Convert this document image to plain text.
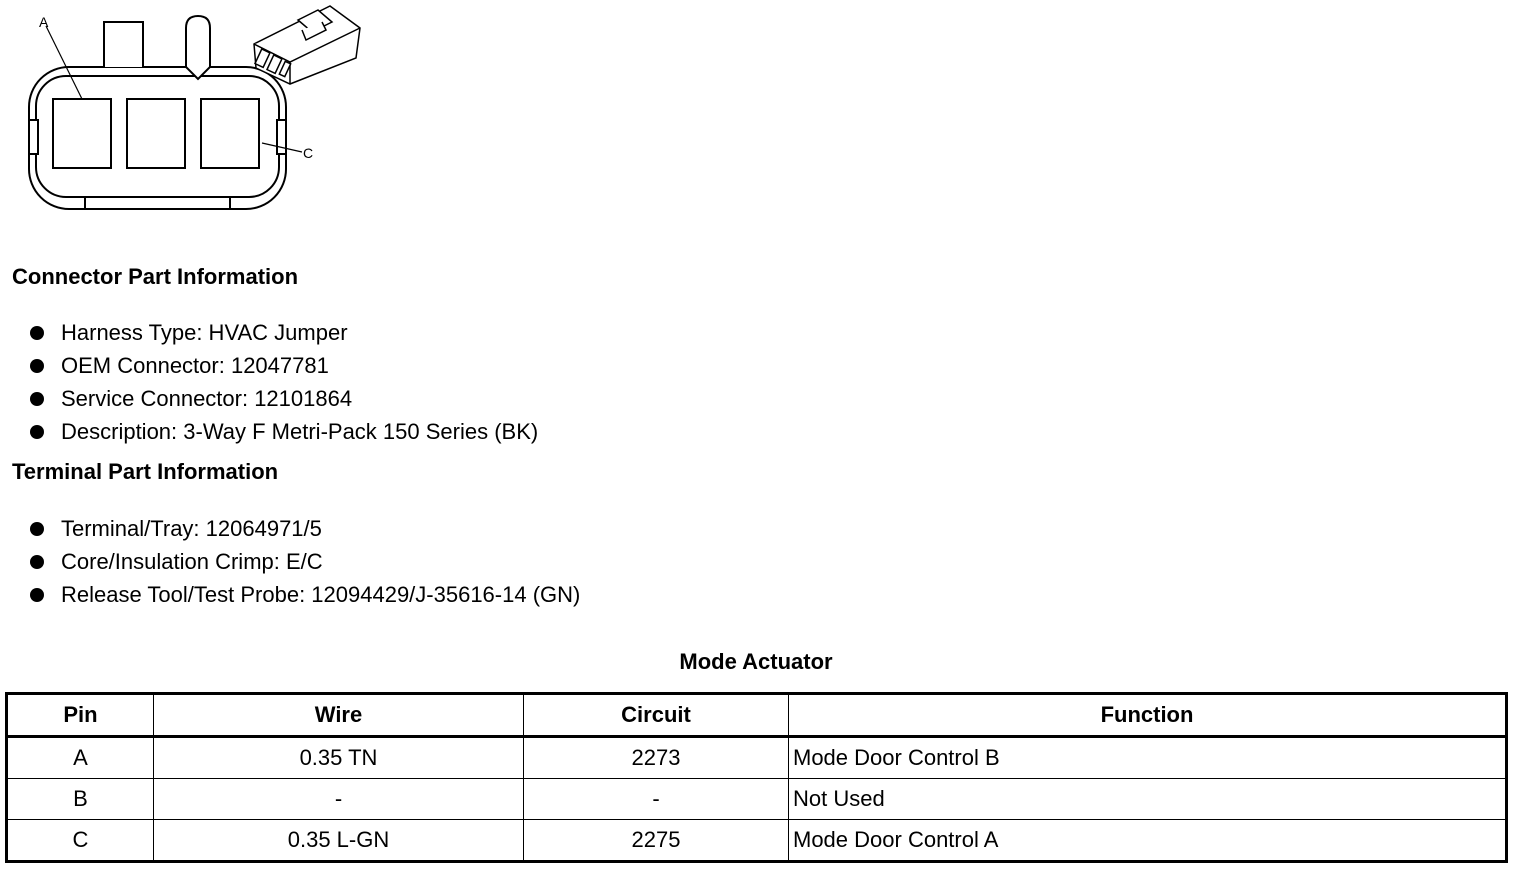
A
C
Connector Part Information
Harness Type: HVAC Jumper
OEM Connector: 12047781
Service Connector: 12101864
Description: 3-Way F Metri-Pack 150 Series (BK)
Terminal Part Information
Terminal/Tray: 12064971/5
Core/Insulation Crimp: E/C
Release Tool/Test Probe: 12094429/J-35616-14 (GN)
Mode Actuator
Pin	Wire	Circuit	Function
A	0.35 TN	2273	Mode Door Control B
B	-	-	Not Used
C	0.35 L-GN	2275	Mode Door Control A
